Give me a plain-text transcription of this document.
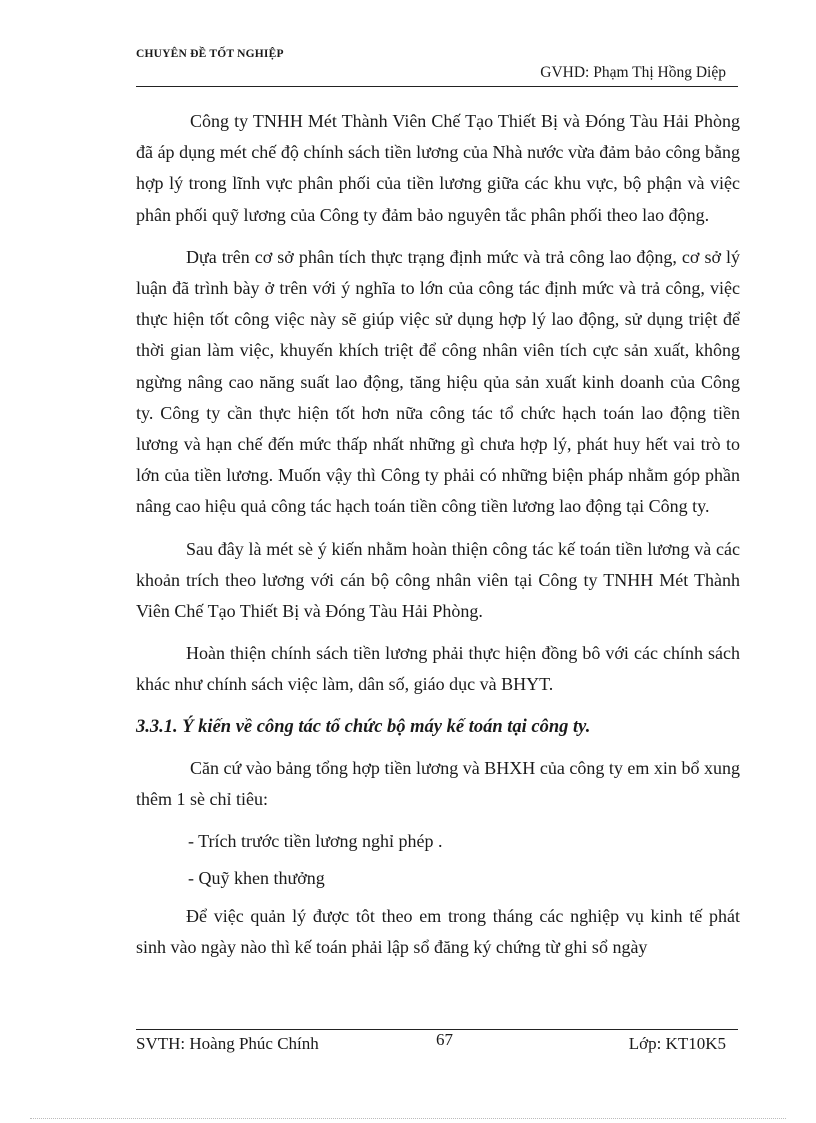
CHUYÊN ĐỀ TỐT NGHIỆP
GVHD: Phạm Thị Hồng Diệp

Công ty TNHH Mét Thành Viên Chế Tạo Thiết Bị và Đóng Tàu Hải Phòng đã áp dụng mét chế độ chính sách tiền lương của Nhà nước vừa đảm bảo công bằng hợp lý trong lĩnh vực phân phối của tiền lương giữa các khu vực, bộ phận và việc phân phối quỹ lương của Công ty đảm bảo nguyên tắc phân phối theo lao động.

Dựa trên cơ sở phân tích thực trạng định mức và trả công lao động, cơ sở lý luận đã trình bày ở trên với ý nghĩa to lớn của công tác định mức và trả công, việc thực hiện tốt công việc này sẽ giúp việc sử dụng hợp lý lao động, sử dụng triệt để thời gian làm việc, khuyến khích triệt để công nhân viên tích cực sản xuất, không ngừng nâng cao năng suất lao động, tăng hiệu qủa sản xuất kinh doanh của Công ty. Công ty cần thực hiện tốt hơn nữa công tác tổ chức hạch toán lao động tiền lương và hạn chế đến mức thấp nhất những gì chưa hợp lý, phát huy hết vai trò to lớn của tiền lương. Muốn vậy thì Công ty phải có những biện pháp nhằm góp phần nâng cao hiệu quả công tác hạch toán tiền công tiền lương lao động tại Công ty.

Sau đây là mét sè ý kiến nhằm hoàn thiện công tác kế toán tiền lương và các khoản trích theo lương với cán bộ công nhân viên tại Công ty TNHH Mét Thành Viên Chế Tạo Thiết Bị và Đóng Tàu Hải Phòng.

Hoàn thiện chính sách tiền lương phải thực hiện đồng bô với các chính sách khác như chính sách việc làm, dân số, giáo dục và BHYT.

3.3.1. Ý kiến về công tác tổ chức bộ máy kế toán tại công ty.

Căn cứ vào bảng tổng hợp tiền lương và BHXH của công ty em xin bổ xung thêm 1 sè chỉ tiêu:

- Trích trước tiền lương nghỉ phép .

- Quỹ khen thưởng

Để việc quản lý được tôt theo em trong tháng các nghiệp vụ kinh tế phát sinh vào ngày nào thì kế toán phải lập sổ đăng ký chứng từ ghi sổ ngày

SVTH: Hoàng Phúc Chính	67	Lớp: KT10K5
